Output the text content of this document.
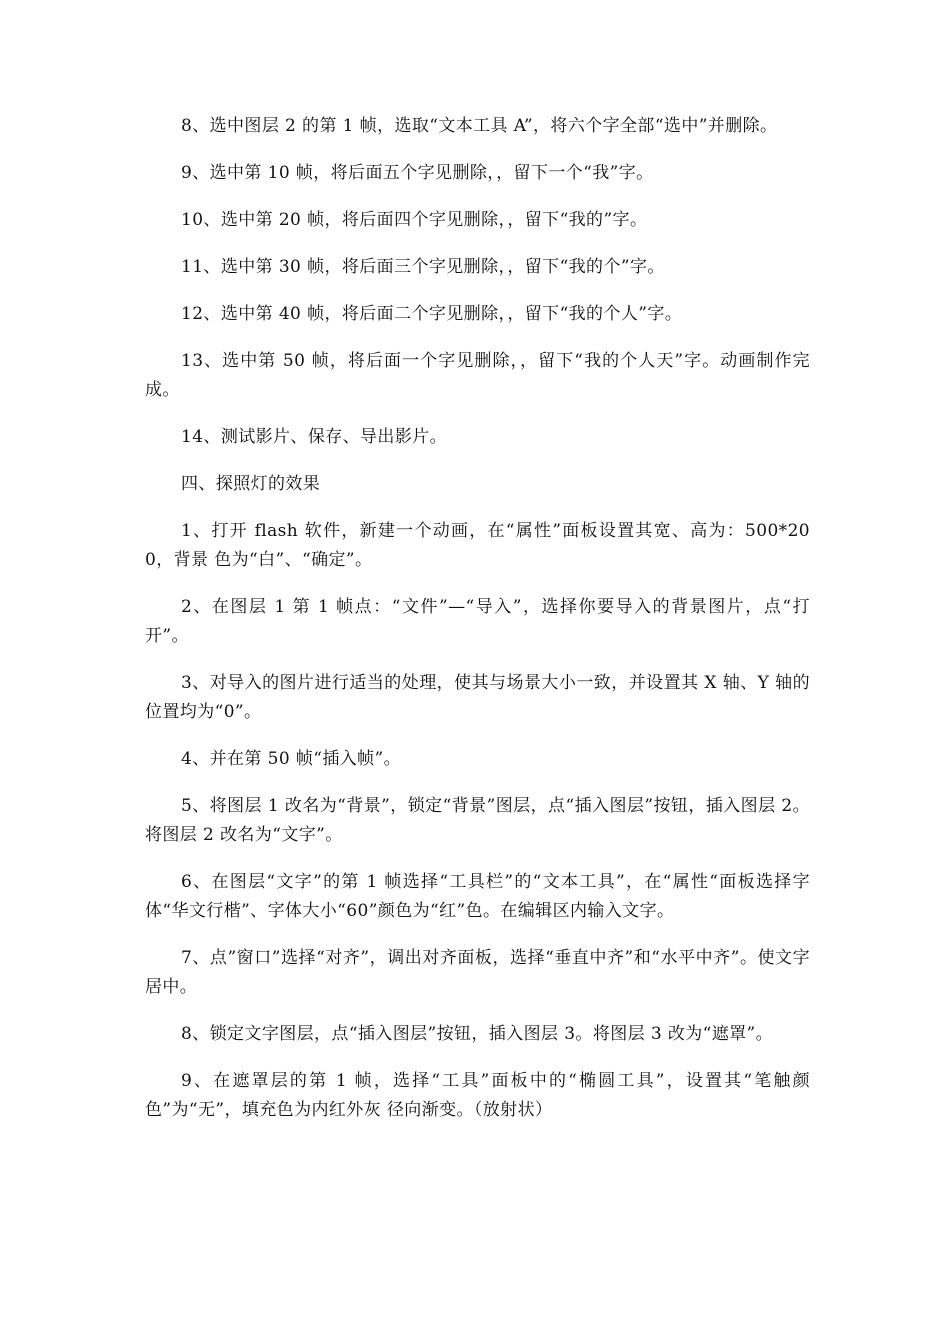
8、选中图层 2 的第 1 帧，选取“文本工具 A”，将六个字全部“选中”并删除。

9、选中第 10 帧，将后面五个字见删除，，留下一个“我”字。

10、选中第 20 帧，将后面四个字见删除，，留下“我的”字。

11、选中第 30 帧，将后面三个字见删除，，留下“我的个”字。

12、选中第 40 帧，将后面二个字见删除，，留下“我的个人”字。

13、选中第 50 帧，将后面一个字见删除，，留下“我的个人天”字。动画制作完成。

14、测试影片、保存、导出影片。

四、探照灯的效果

1、打开 flash 软件，新建一个动画，在“属性”面板设置其宽、高为：500*200，背景 色为“白”、“确定”。

2、在图层 1 第 1 帧点：“文件”—“导入”，选择你要导入的背景图片，点“打开”。

3、对导入的图片进行适当的处理，使其与场景大小一致，并设置其 X 轴、Y 轴的位置均为“0”。

4、并在第 50 帧“插入帧”。

5、将图层 1 改名为“背景”，锁定“背景”图层，点“插入图层”按钮，插入图层 2。将图层 2 改名为“文字”。

6、在图层“文字”的第 1 帧选择“工具栏”的“文本工具”，在“属性“面板选择字体“华文行楷”、字体大小“60”颜色为“红”色。在编辑区内输入文字。

7、点”窗口”选择“对齐”，调出对齐面板，选择“垂直中齐”和“水平中齐”。使文字居中。

8、锁定文字图层，点“插入图层”按钮，插入图层 3。将图层 3 改为“遮罩”。

9、在遮罩层的第 1 帧，选择“工具”面板中的“椭圆工具”，设置其“笔触颜色”为“无”，填充色为内红外灰 径向渐变。（放射状）
